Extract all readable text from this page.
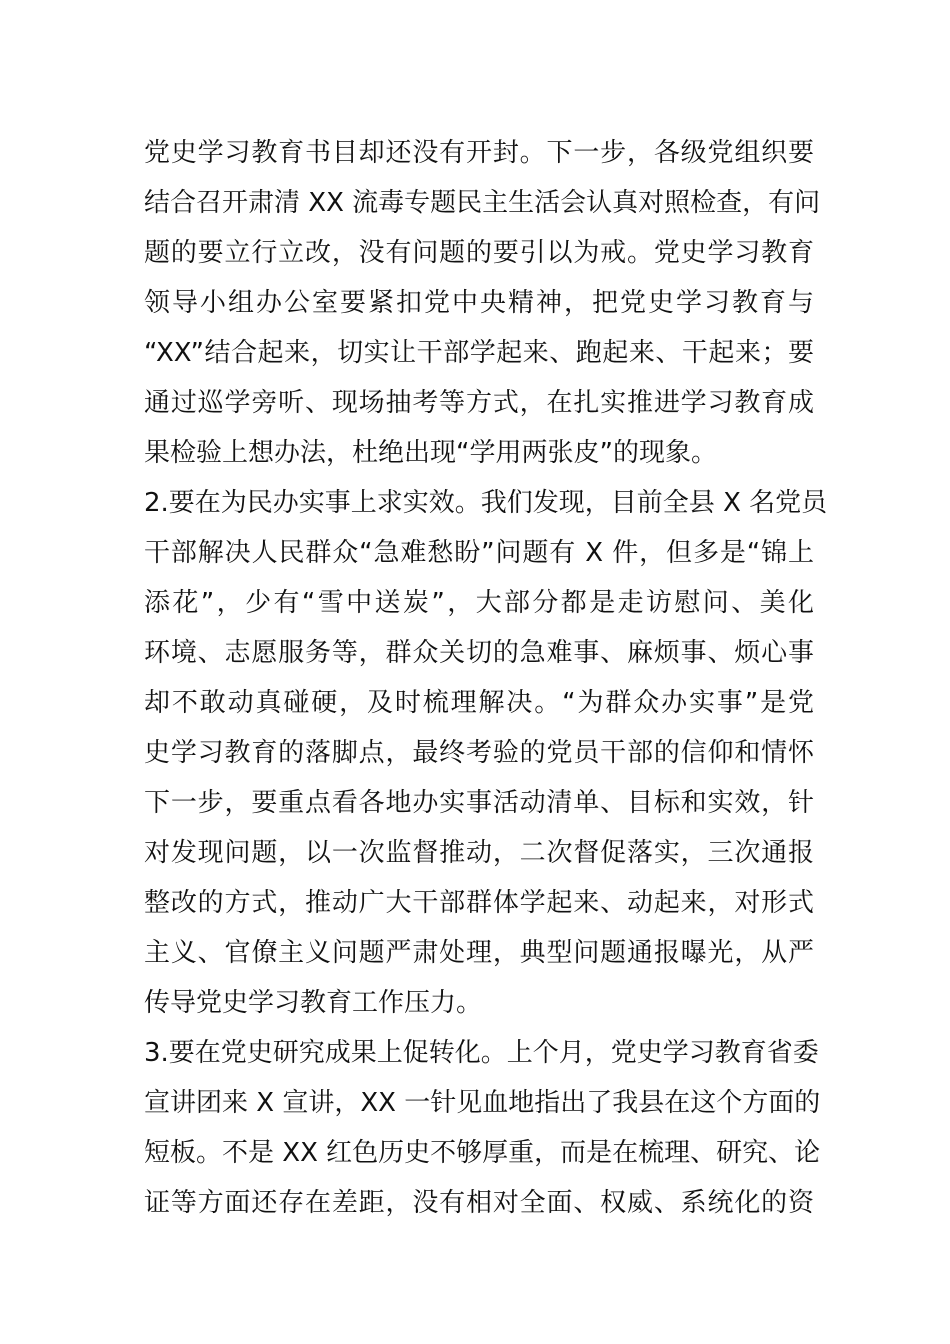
党史学习教育书目却还没有开封。下一步，各级党组织要
结合召开肃清 XX 流毒专题民主生活会认真对照检查，有问
题的要立行立改，没有问题的要引以为戒。党史学习教育
领导小组办公室要紧扣党中央精神，把党史学习教育与
“XX”结合起来，切实让干部学起来、跑起来、干起来；要
通过巡学旁听、现场抽考等方式，在扎实推进学习教育成
果检验上想办法，杜绝出现“学用两张皮”的现象。
2.要在为民办实事上求实效。我们发现，目前全县 X 名党员
干部解决人民群众“急难愁盼”问题有 X 件，但多是“锦上
添花”，少有“雪中送炭”，大部分都是走访慰问、美化
环境、志愿服务等，群众关切的急难事、麻烦事、烦心事
却不敢动真碰硬，及时梳理解决。“为群众办实事”是党
史学习教育的落脚点，最终考验的党员干部的信仰和情怀
下一步，要重点看各地办实事活动清单、目标和实效，针
对发现问题，以一次监督推动，二次督促落实，三次通报
整改的方式，推动广大干部群体学起来、动起来，对形式
主义、官僚主义问题严肃处理，典型问题通报曝光，从严
传导党史学习教育工作压力。
3.要在党史研究成果上促转化。上个月，党史学习教育省委
宣讲团来 X 宣讲，XX 一针见血地指出了我县在这个方面的
短板。不是 XX 红色历史不够厚重，而是在梳理、研究、论
证等方面还存在差距，没有相对全面、权威、系统化的资
